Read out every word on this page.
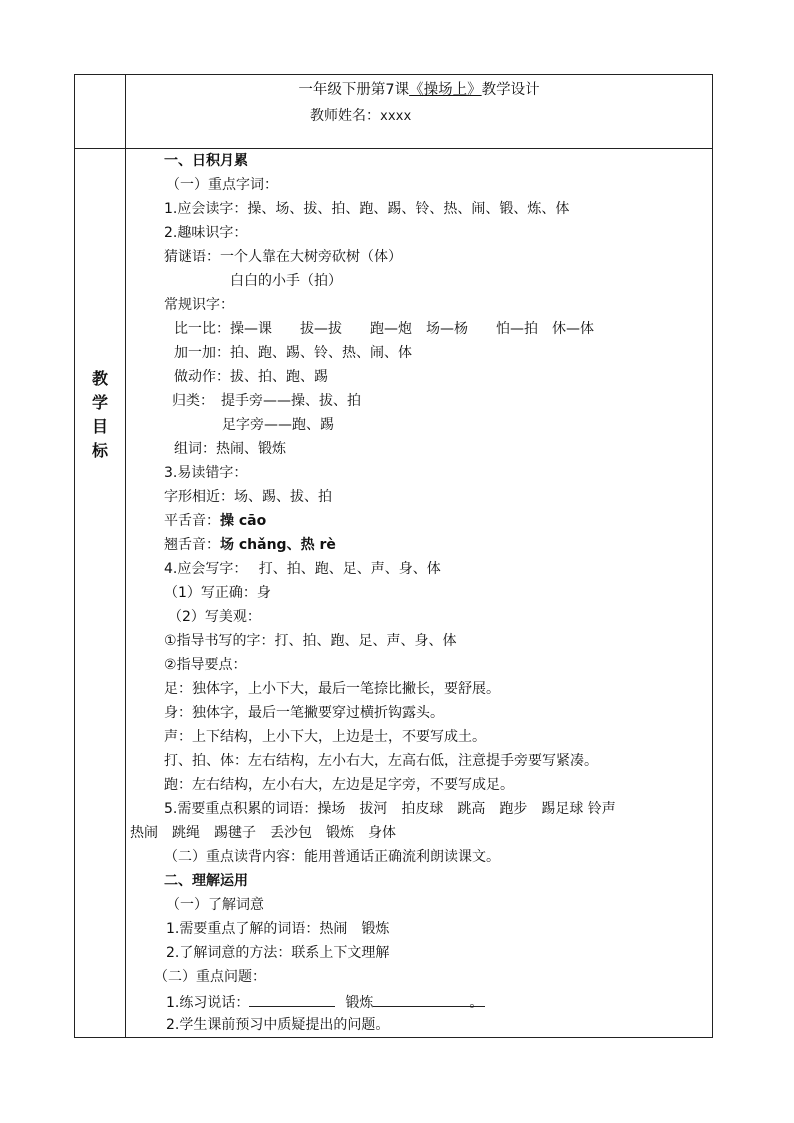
一年级下册第7课《操场上》教学设计
教师姓名：xxxx
教
学
目
标
一、日积月累
（一）重点字词：
1.应会读字：操、场、拔、拍、跑、踢、铃、热、闹、锻、炼、体
2.趣味识字：
猜谜语：一个人靠在大树旁砍树（体）
白白的小手（拍）
常规识字：
比一比：操—课　　拔—拔　　跑—炮　场—杨　　怕—拍　休—体
加一加：拍、跑、踢、铃、热、闹、体
做动作：拔、拍、跑、踢
归类：　提手旁——操、拔、拍
足字旁——跑、踢
组词：热闹、锻炼
3.易读错字：
字形相近：场、踢、拔、拍
平舌音：操 cāo
翘舌音：场 chǎng、热 rè
4.应会写字：　 打、拍、跑、足、声、身、体
（1）写正确：身
（2）写美观：
①指导书写的字：打、拍、跑、足、声、身、体
②指导要点：
足：独体字，上小下大，最后一笔捺比撇长，要舒展。
身：独体字，最后一笔撇要穿过横折钩露头。
声：上下结构，上小下大，上边是士，不要写成土。
打、拍、体：左右结构，左小右大，左高右低，注意提手旁要写紧凑。
跑：左右结构，左小右大，左边是足字旁，不要写成足。
5.需要重点积累的词语：操场　拔河　拍皮球　跳高　跑步　踢足球 铃声
热闹　跳绳　踢毽子　丢沙包　锻炼　身体
（二）重点读背内容：能用普通话正确流利朗读课文。
二、理解运用
（一）了解词意
1.需要重点了解的词语：热闹　锻炼
2.了解词意的方法：联系上下文理解
（二）重点问题：
1.练习说话：	锻炼	。
2.学生课前预习中质疑提出的问题。
